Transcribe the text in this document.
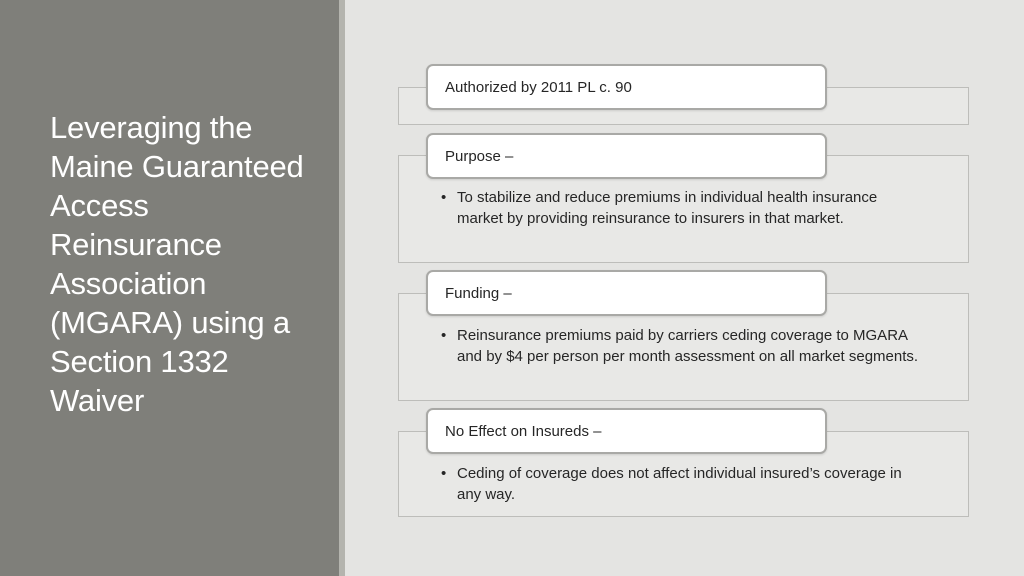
Leveraging the Maine Guaranteed Access Reinsurance Association (MGARA) using a Section 1332 Waiver
Authorized by 2011 PL c. 90
Purpose –
• To stabilize and reduce premiums in individual health insurance market by providing reinsurance to insurers in that market.
Funding –
• Reinsurance premiums paid by carriers ceding coverage to MGARA and by $4 per person per month assessment on all market segments.
No Effect on Insureds –
• Ceding of coverage does not affect individual insured’s coverage in any way.
